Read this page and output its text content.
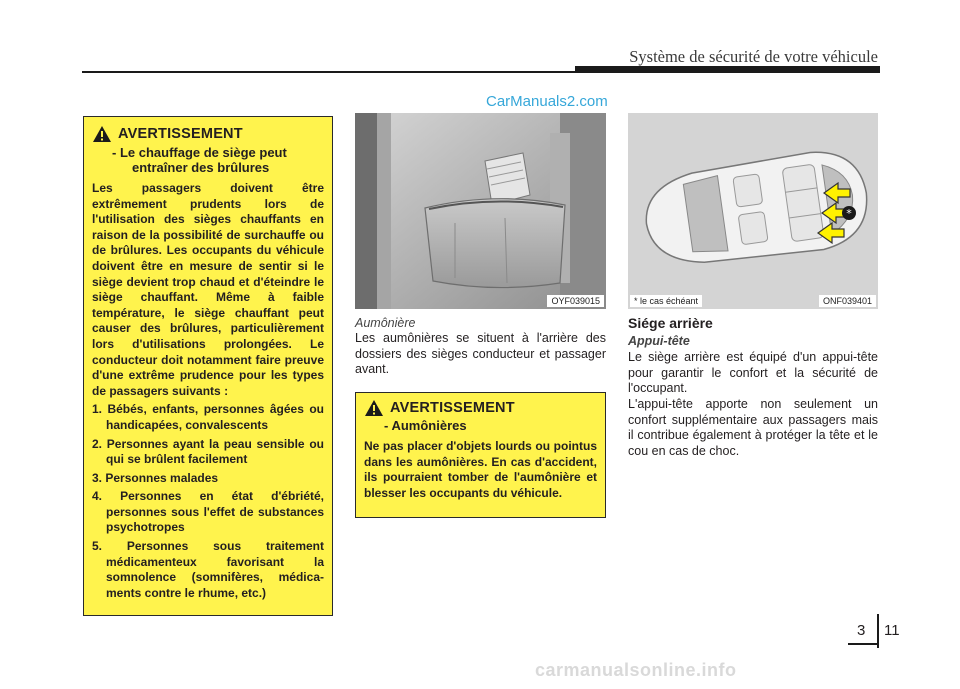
Système de sécurité de votre véhicule
CarManuals2.com
AVERTISSEMENT
- Le chauffage de siège peut
entraîner des brûlures
Les passagers doivent être extrêmement prudents lors de l'utilisation des sièges chauffants en raison de la possibilité de surchauffe ou de brûlures. Les occupants du véhicule doivent être en mesure de sentir si le siège devient trop chaud et d'éteindre le siège chauffant. Même à faible température, le siège chauffant peut causer des brûlures, particulièrement lors d'utilisations prolongées. Le conducteur doit notamment faire preuve d'une extrême prudence pour les types de passagers suivants :
1. Bébés, enfants, personnes âgées ou handicapées, convalescents
2. Personnes ayant la peau sensible ou qui se brûlent facilement
3. Personnes malades
4. Personnes en état d'ébriété, personnes sous l'effet de substances psychotropes
5. Personnes sous traitement médicamenteux favorisant la somnolence (somnifères, médica-ments contre le rhume, etc.)
OYF039015
Aumônière
Les aumônières se situent à l'arrière des dossiers des sièges conducteur et passager avant.
AVERTISSEMENT
- Aumônières
Ne pas placer d'objets lourds ou pointus dans les aumônières. En cas d'accident, ils pourraient tomber de l'aumônière et blesser les occupants du véhicule.
*
* le cas échéant	ONF039401
Siége arrière
Appui-tête
Le siège arrière est équipé d'un appui-tête pour garantir le confort et la sécurité de l'occupant.
L'appui-tête apporte non seulement un confort supplémentaire aux passagers mais il contribue également à protéger la tête et le cou en cas de choc.
3 11
carmanualsonline.info
